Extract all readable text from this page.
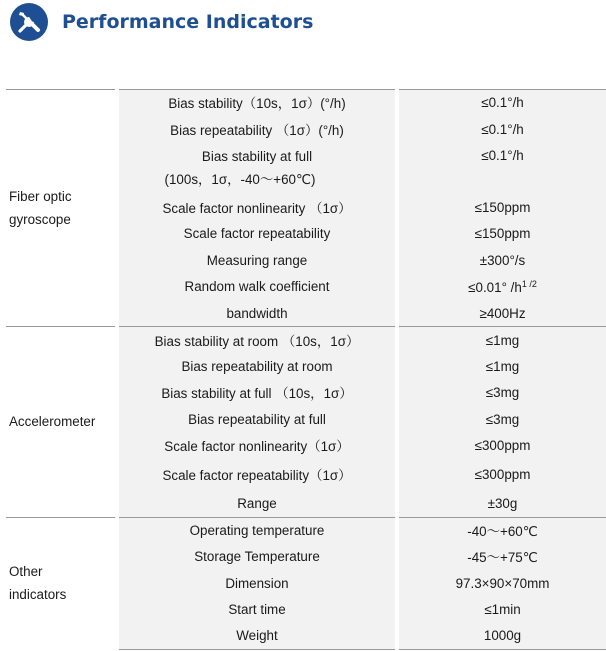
Performance Indicators
Fiber optic
gyroscope	Bias stability（10s，1σ）(°/h)	≤0.1°/h
	Bias repeatability （1σ）(°/h)	≤0.1°/h

	Bias stability at full
(100s，1σ，-40～+60℃)	≤0.1°/h
	Scale factor nonlinearity （1σ）	≤150ppm
	Scale factor repeatability	≤150ppm
	Measuring range	±300°/s
	Random walk coefficient	≤0.01° $/h^{1 /2}$
	bandwidth	≥400Hz

Accelerometer	Bias stability at room （10s，1σ）	≤1mg
	Bias repeatability at room	≤1mg
	Bias stability at full （10s，1σ）	≤3mg
	Bias repeatability at full	≤3mg
	Scale factor nonlinearity（1σ）	≤300ppm
	Scale factor repeatability（1σ）	≤300ppm
	Range	±30g
Other
indicators	Operating temperature	-40～+60℃
	Storage Temperature	-45～+75℃
	Dimension	97.3×90×70mm
	Start time	≤1min
	Weight	1000g
